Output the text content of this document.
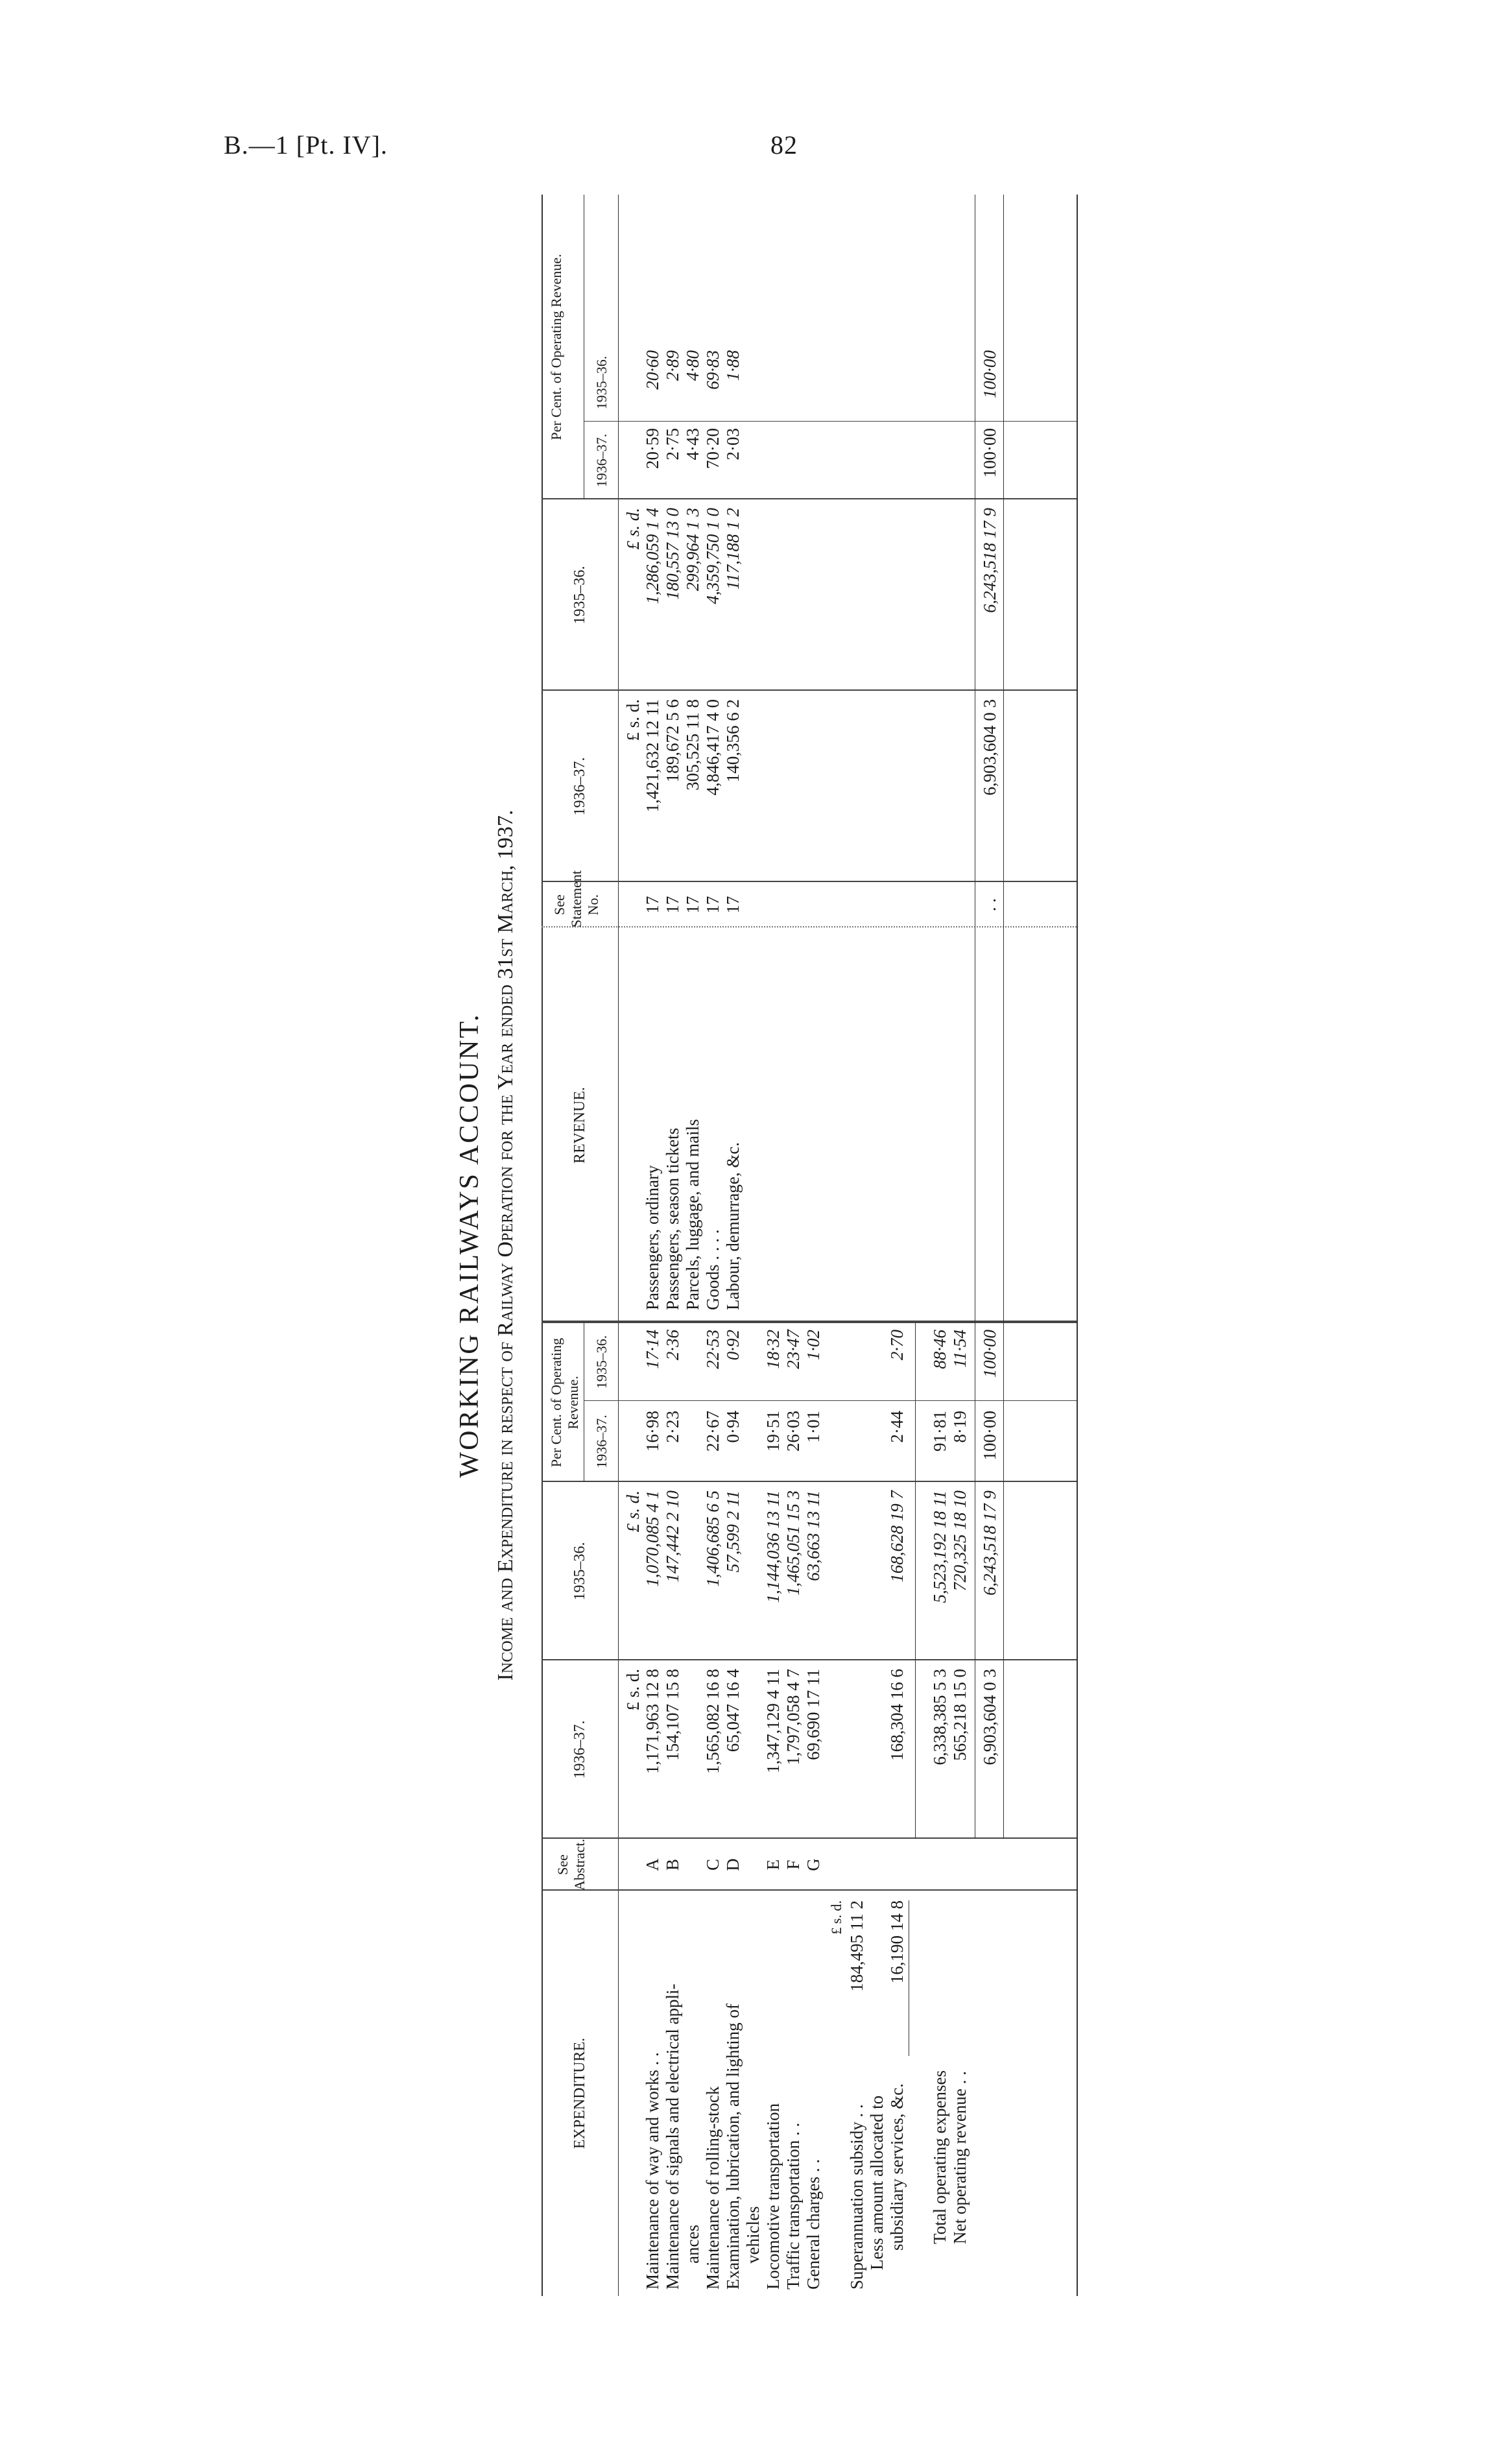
B.—1 [Pt. IV].	82
WORKING RAILWAYS ACCOUNT. Income and Expenditure in respect of Railway Operation for the Year ended 31st March, 1937.
EXPENDITURE.
See Abstract.
1936–37.
1935–36.
Per Cent. of Operating Revenue.
1936–37.
1935–36.
REVENUE.
See Statement No.
1936–37.
1935–36.
Per Cent. of Operating Revenue.
1936–37.
1935–36.
£ s. d.
£ s. d.
£ s. d.
£ s. d.
Maintenance of way and works . .
A
1,171,963 12 8
1,070,085 4 1
16·98
17·14
Maintenance of signals and electrical appli- ances
B
154,107 15 8
147,442 2 10
2·23
2·36
Maintenance of rolling-stock
C
1,565,082 16 8
1,406,685 6 5
22·67
22·53
Examination, lubrication, and lighting of vehicles
D
65,047 16 4
57,599 2 11
0·94
0·92
Locomotive transportation
E
1,347,129 4 11
1,144,036 13 11
19·51
18·32
Traffic transportation . .
F
1,797,058 4 7
1,465,051 15 3
26·03
23·47
General charges . .
G
69,690 17 11
63,663 13 11
1·01
1·02
£ s. d.
Superannuation subsidy . .
184,495 11 2
Less amount allocated to subsidiary services, &c.
16,190 14 8
168,304 16 6
168,628 19 7
2·44
2·70
Total operating expenses
6,338,385 5 3
5,523,192 18 11
91·81
88·46
Net operating revenue . .
565,218 15 0
720,325 18 10
8·19
11·54
6,903,604 0 3
6,243,518 17 9
100·00
100·00
Passengers, ordinary
17
1,421,632 12 11
1,286,059 1 4
20·59
20·60
Passengers, season tickets
17
189,672 5 6
180,557 13 0
2·75
2·89
Parcels, luggage, and mails
17
305,525 11 8
299,964 1 3
4·43
4·80
Goods . . . .
17
4,846,417 4 0
4,359,750 1 0
70·20
69·83
Labour, demurrage, &c.
17
140,356 6 2
117,188 1 2
2·03
1·88
. .
6,903,604 0 3
6,243,518 17 9
100·00
100·00
